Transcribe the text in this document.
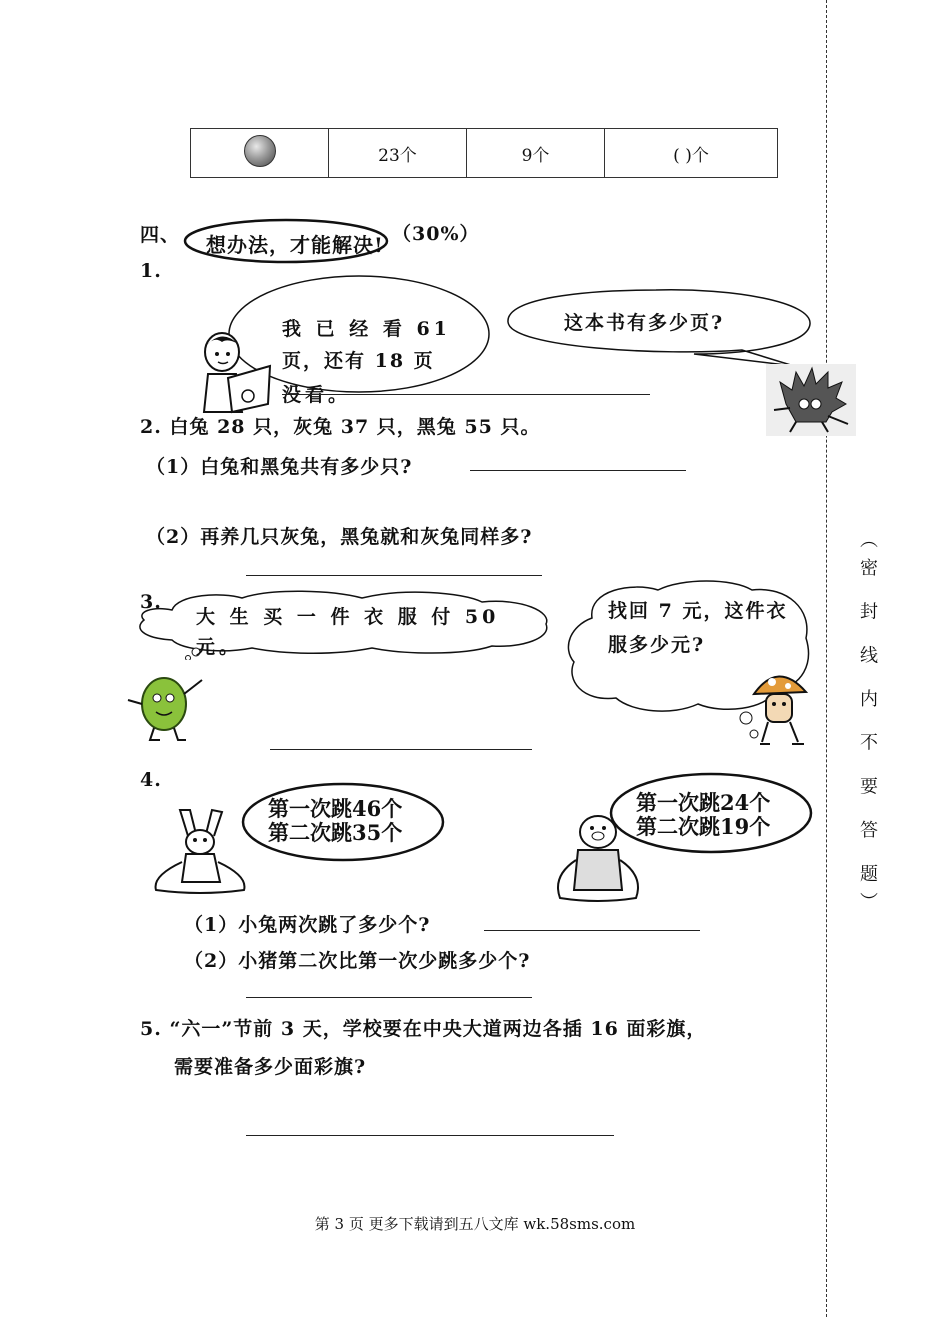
（密 封 线 内 不 要 答 题）
	23个	9个	( )个
四、 想办法，才能解决! （30%）
1.
我 已 经 看 61
页，还有 18 页
没看。
这本书有多少页?
2. 白兔 28 只，灰兔 37 只，黑兔 55 只。
（1）白兔和黑兔共有多少只?
（2）再养几只灰兔，黑兔就和灰兔同样多?
3.
大 生 买 一 件 衣 服 付 50
元。
找回 7 元，这件衣
服多少元?
4.
第一次跳46个
第二次跳35个
第一次跳24个
第二次跳19个
（1）小兔两次跳了多少个?
（2）小猪第二次比第一次少跳多少个?
5. “六一”节前 3 天，学校要在中央大道两边各插 16 面彩旗，
需要准备多少面彩旗?
第 3 页 更多下载请到五八文库 wk.58sms.com
